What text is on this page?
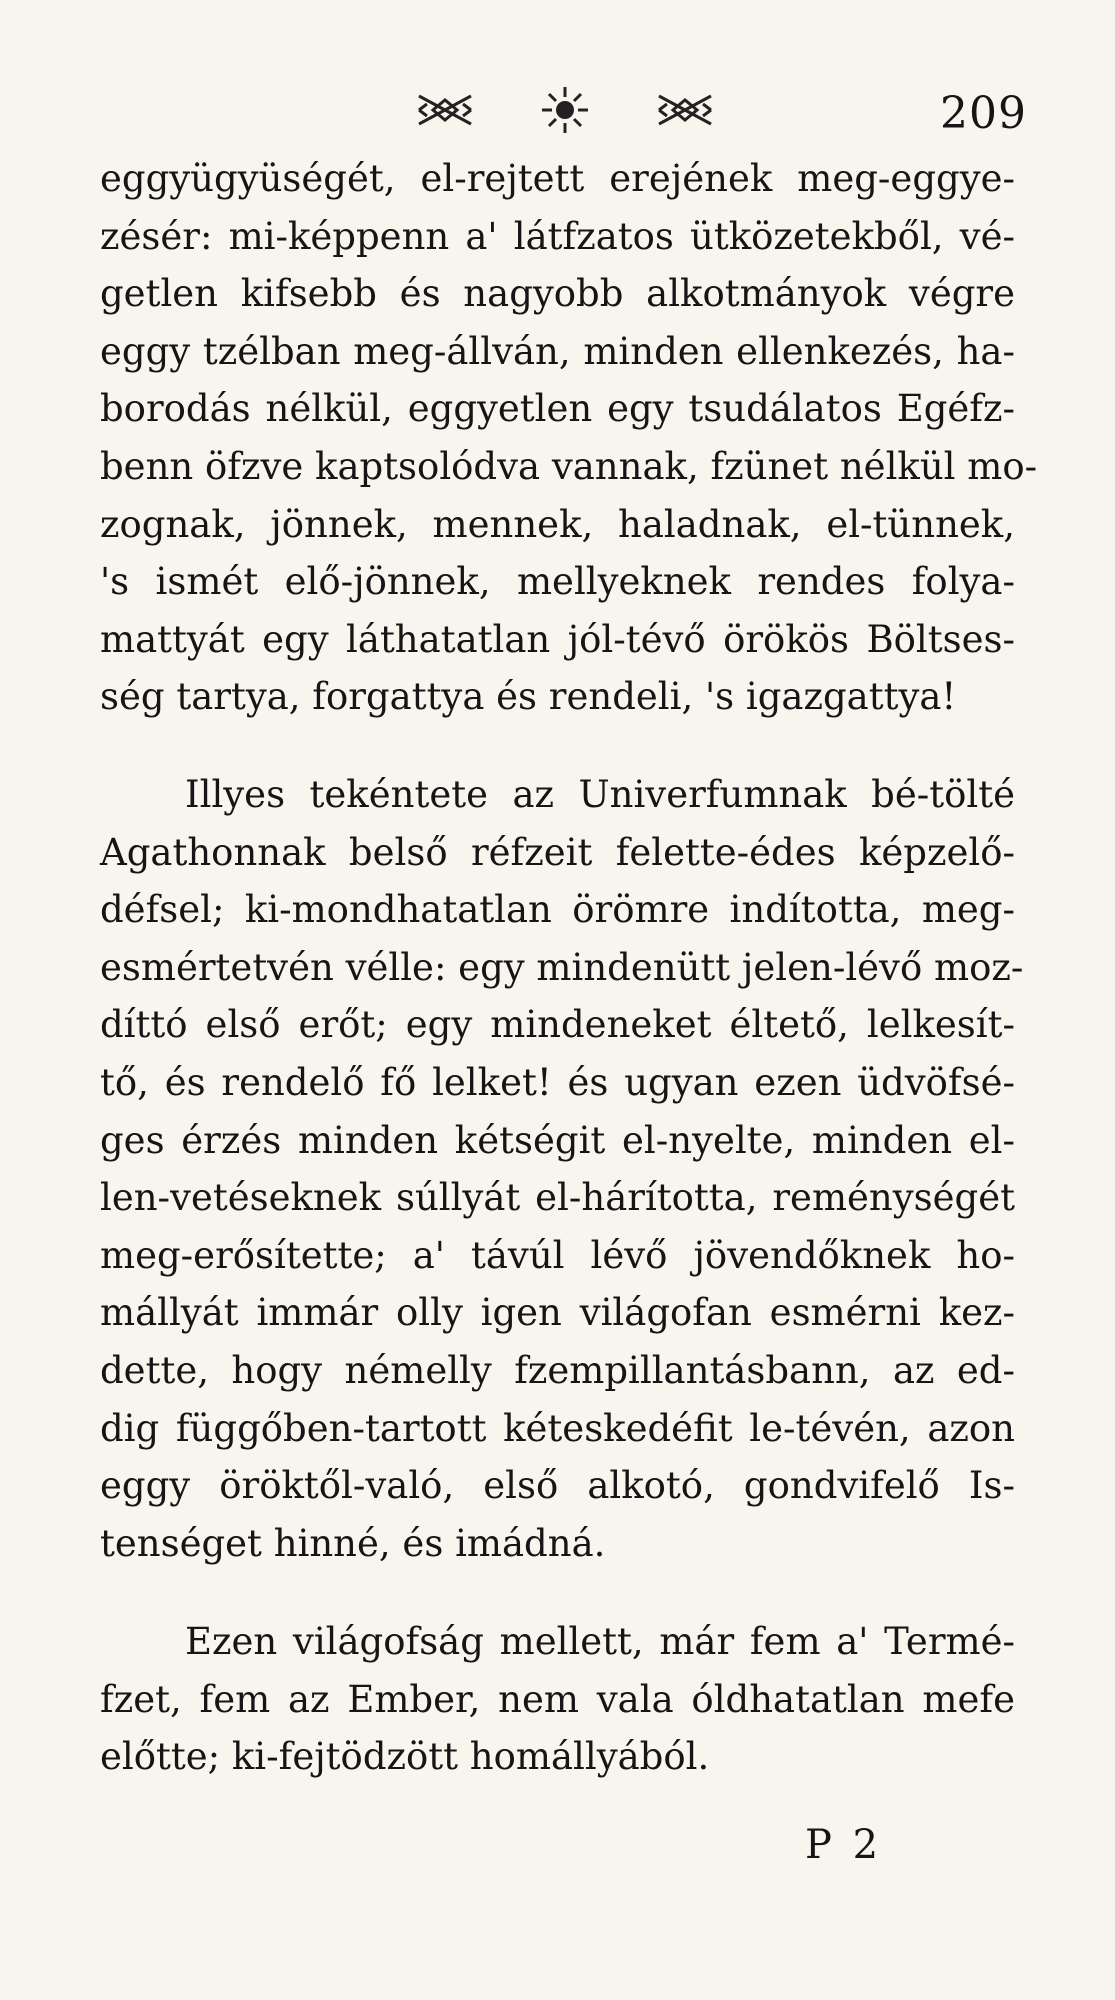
209
eggyügyüségét, el-rejtett erejének meg-eggye-
zésér: mi-képpenn a' látfzatos ütközetekből, vé-
getlen kifsebb és nagyobb alkotmányok végre
eggy tzélban meg-állván, minden ellenkezés, ha-
borodás nélkül, eggyetlen egy tsudálatos Egéfz-
benn öfzve kaptsolódva vannak, fzünet nélkül mo-
zognak, jönnek, mennek, haladnak, el-tünnek,
's ismét elő-jönnek, mellyeknek rendes folya-
mattyát egy láthatatlan jól-tévő örökös Böltses-
ség tartya, forgattya és rendeli, 's igazgattya!
Illyes tekéntete az Univerfumnak bé-tölté
Agathonnak belső réfzeit felette-édes képzelő-
défsel; ki-mondhatatlan örömre indította, meg-
esmértetvén vélle: egy mindenütt jelen-lévő moz-
díttó első erőt; egy mindeneket éltető, lelkesít-
tő, és rendelő fő lelket! és ugyan ezen üdvöfsé-
ges érzés minden kétségit el-nyelte, minden el-
len-vetéseknek súllyát el-hárította, reménységét
meg-erősítette; a' távúl lévő jövendőknek ho-
mállyát immár olly igen világofan esmérni kez-
dette, hogy némelly fzempillantásbann, az ed-
dig függőben-tartott kéteskedéfit le-tévén, azon
eggy öröktől-való, első alkotó, gondvifelő Is-
tenséget hinné, és imádná.
Ezen világofság mellett, már fem a' Termé-
fzet, fem az Ember, nem vala óldhatatlan mefe
előtte; ki-fejtödzött homállyából.
P 2
